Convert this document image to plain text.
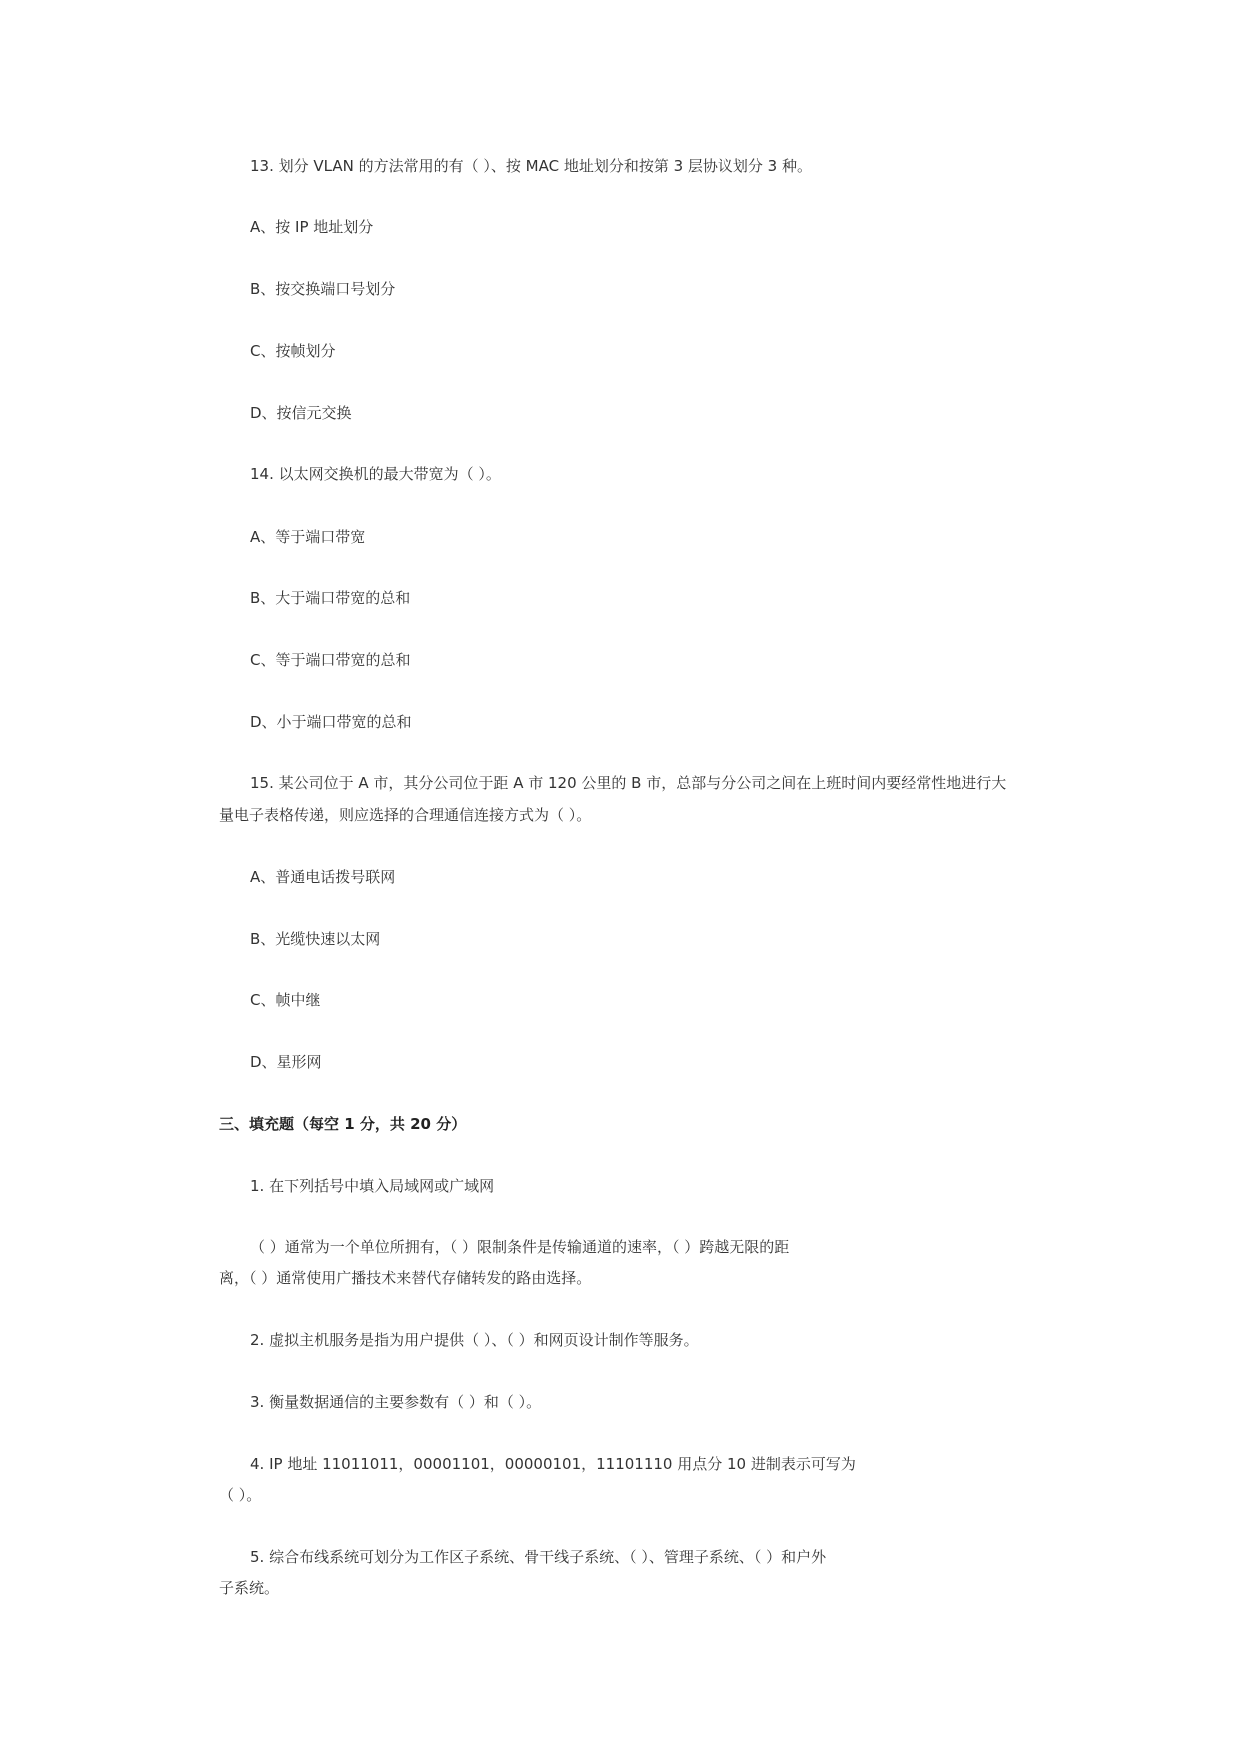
13. 划分 VLAN 的方法常用的有（ ）、按 MAC 地址划分和按第 3 层协议划分 3 种。
A、按 IP 地址划分
B、按交换端口号划分
C、按帧划分
D、按信元交换
14. 以太网交换机的最大带宽为（ ）。
A、等于端口带宽
B、大于端口带宽的总和
C、等于端口带宽的总和
D、小于端口带宽的总和
15. 某公司位于 A 市，其分公司位于距 A 市 120 公里的 B 市，总部与分公司之间在上班时间内要经常性地进行大
量电子表格传递，则应选择的合理通信连接方式为（ ）。
A、普通电话拨号联网
B、光缆快速以太网
C、帧中继
D、星形网
三、填充题（每空 1 分，共 20 分）
1. 在下列括号中填入局域网或广域网
（ ）通常为一个单位所拥有，（ ）限制条件是传输通道的速率，（ ）跨越无限的距
离，（ ）通常使用广播技术来替代存储转发的路由选择。
2. 虚拟主机服务是指为用户提供（ ）、（ ）和网页设计制作等服务。
3. 衡量数据通信的主要参数有（ ）和（ ）。
4. IP 地址 11011011，00001101，00000101，11101110 用点分 10 进制表示可写为
（ ）。
5. 综合布线系统可划分为工作区子系统、骨干线子系统、（ ）、管理子系统、（ ）和户外
子系统。
